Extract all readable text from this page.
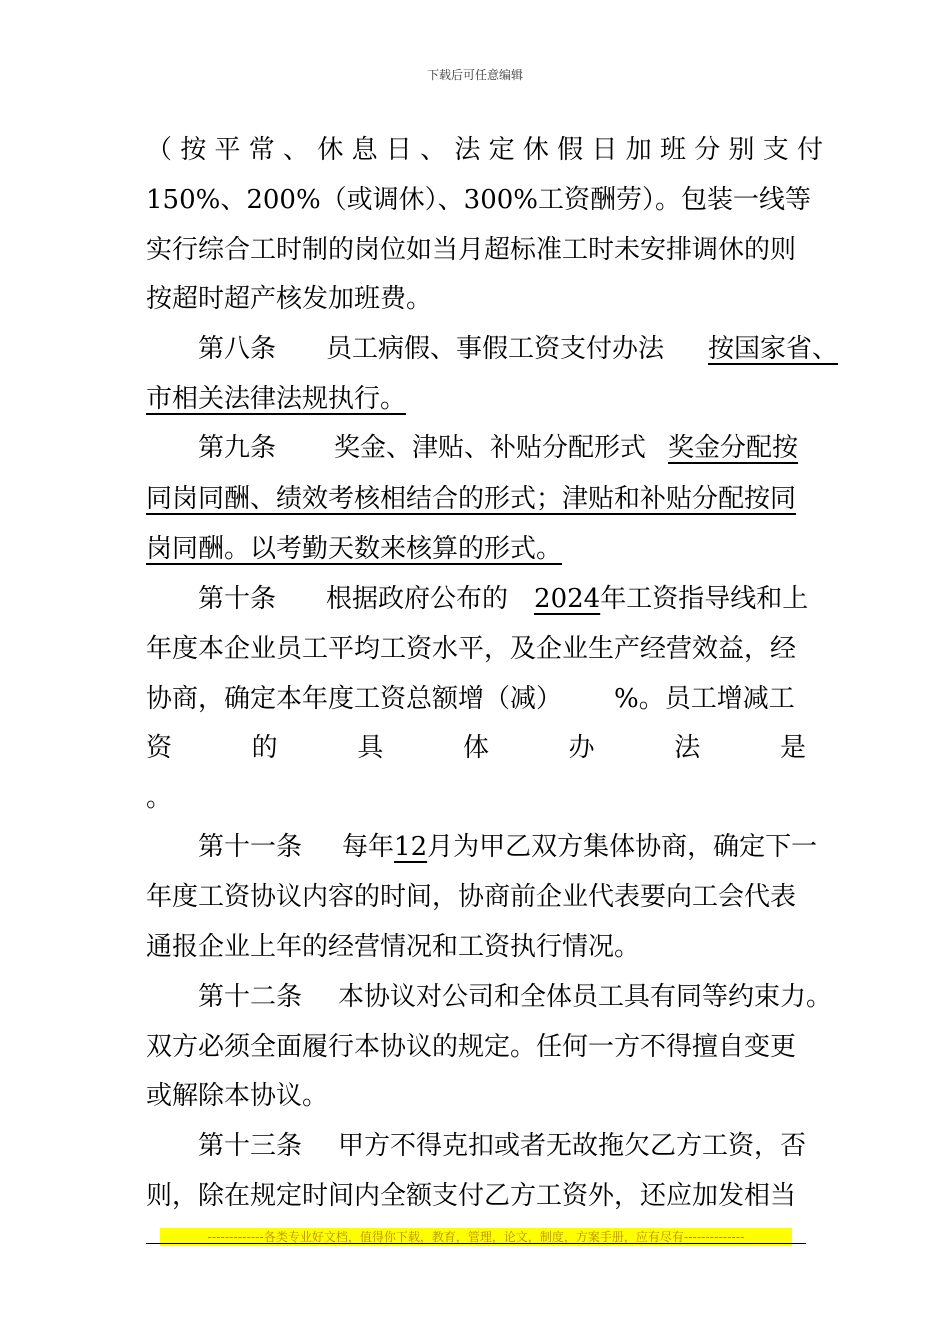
下载后可任意编辑
（ 按 平 常 、 休 息 日 、 法 定 休 假 日 加 班 分 别 支 付
150%、200%（或调休）、300%工资酬劳）。包装一线等
实行综合工时制的岗位如当月超标准工时未安排调休的则
按超时超产核发加班费。
第八条 员工病假、事假工资支付办法 按国家省、
市相关法律法规执行。
第九条 奖金、津贴、补贴分配形式 奖金分配按
同岗同酬、绩效考核相结合的形式；津贴和补贴分配按同
岗同酬。以考勤天数来核算的形式。
第十条 根据政府公布的 2024年工资指导线和上
年度本企业员工平均工资水平，及企业生产经营效益，经
协商，确定本年度工资总额增（减） %。员工增减工
资	的	具	体	办	法	是
。
第十一条 每年12月为甲乙双方集体协商，确定下一
年度工资协议内容的时间，协商前企业代表要向工会代表
通报企业上年的经营情况和工资执行情况。
第十二条 本协议对公司和全体员工具有同等约束力。
双方必须全面履行本协议的规定。任何一方不得擅自变更
或解除本协议。
第十三条 甲方不得克扣或者无故拖欠乙方工资，否
则，除在规定时间内全额支付乙方工资外，还应加发相当
-------------各类专业好文档，值得你下载，教育，管理，论文，制度，方案手册，应有尽有--------------
